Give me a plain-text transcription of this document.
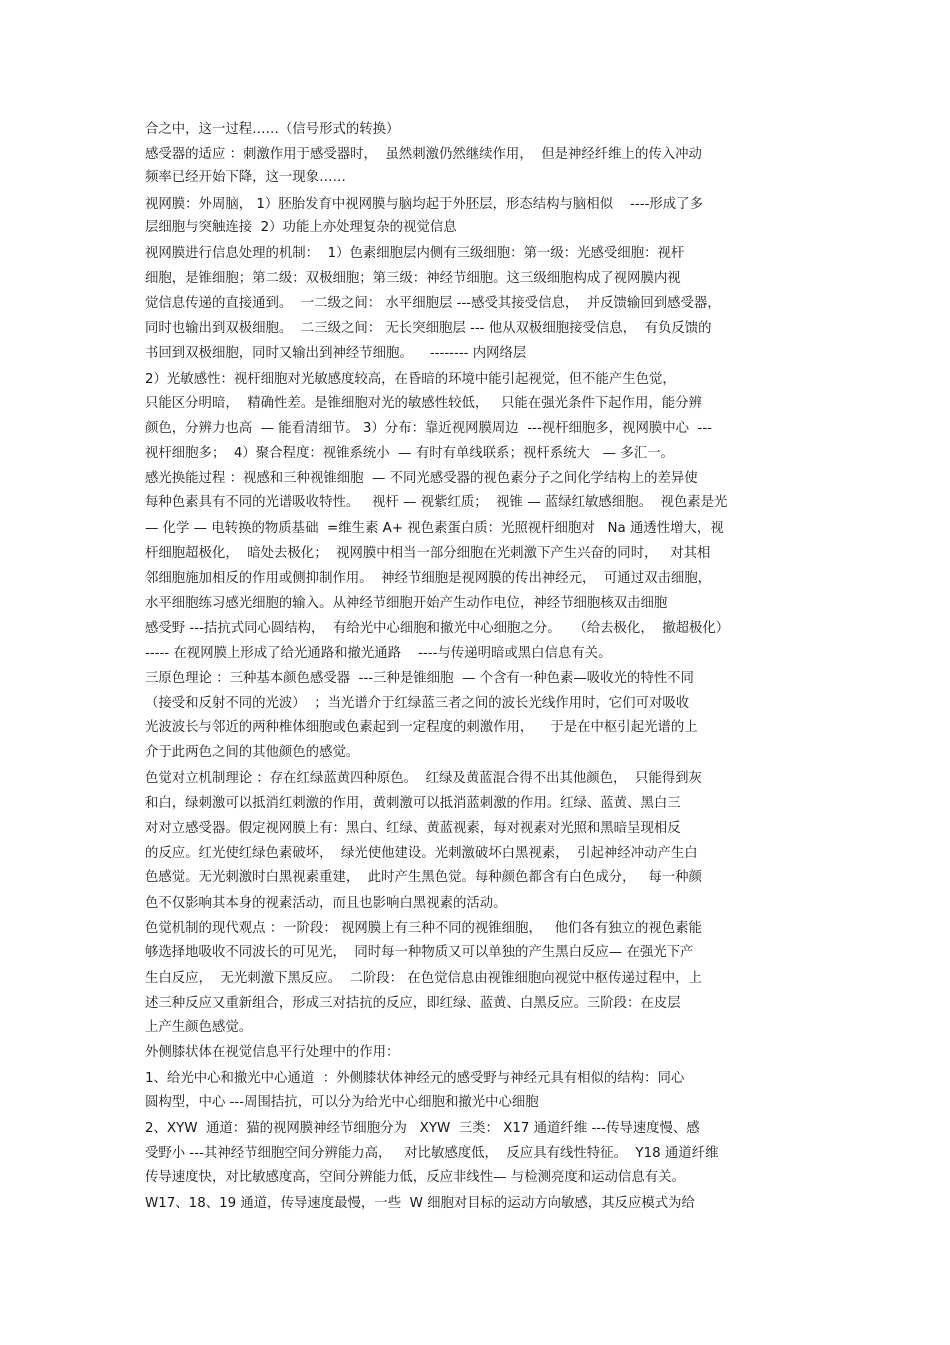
合之中，这一过程……（信号形式的转换）
感受器的适应 ：刺激作用于感受器时，  虽然刺激仍然继续作用，  但是神经纤维上的传入冲动
频率已经开始下降，这一现象……
视网膜：外周脑， 1）胚胎发育中视网膜与脑均起于外胚层，形态结构与脑相似    ----形成了多
层细胞与突触连接  2）功能上亦处理复杂的视觉信息
视网膜进行信息处理的机制：  1）色素细胞层内侧有三级细胞：第一级：光感受细胞：视杆
细胞，是锥细胞；第二级：双极细胞；第三级：神经节细胞。这三级细胞构成了视网膜内视
觉信息传递的直接通到。  一二级之间： 水平细胞层 ---感受其接受信息，  并反馈输回到感受器，
同时也输出到双极细胞。  二三级之间： 无长突细胞层 --- 他从双极细胞接受信息，  有负反馈的
书回到双极细胞，同时又输出到神经节细胞。    -------- 内网络层
2）光敏感性：视杆细胞对光敏感度较高，在昏暗的环境中能引起视觉，但不能产生色觉，
只能区分明暗，  精确性差。是锥细胞对光的敏感性较低，   只能在强光条件下起作用，能分辨
颜色，分辨力也高  — 能看清细节。 3）分布：靠近视网膜周边  ---视杆细胞多，视网膜中心  ---
视杆细胞多；  4）聚合程度：视锥系统小  — 有时有单线联系；视杆系统大   — 多汇一。
感光换能过程 ：视感和三种视锥细胞  — 不同光感受器的视色素分子之间化学结构上的差异使
每种色素具有不同的光谱吸收特性。   视杆 — 视紫红质；  视锥 — 蓝绿红敏感细胞。  视色素是光
— 化学 — 电转换的物质基础  =维生素 A+ 视色素蛋白质：光照视杆细胞对   Na 通透性增大，视
杆细胞超极化，  暗处去极化；  视网膜中相当一部分细胞在光刺激下产生兴奋的同时，   对其相
邻细胞施加相反的作用或侧抑制作用。  神经节细胞是视网膜的传出神经元，  可通过双击细胞，
水平细胞练习感光细胞的输入。从神经节细胞开始产生动作电位，神经节细胞核双击细胞
感受野 ---拮抗式同心圆结构，  有给光中心细胞和撤光中心细胞之分。   （给去极化，  撤超极化）
----- 在视网膜上形成了给光通路和撤光通路    ----与传递明暗或黑白信息有关。
三原色理论 ：三种基本颜色感受器  ---三种是锥细胞  — 个含有一种色素—吸收光的特性不同
（接受和反射不同的光波）  ；当光谱介于红绿蓝三者之间的波长光线作用时，它们可对吸收
光波波长与邻近的两种椎体细胞或色素起到一定程度的刺激作用，    于是在中枢引起光谱的上
介于此两色之间的其他颜色的感觉。
色觉对立机制理论 ：存在红绿蓝黄四种原色。  红绿及黄蓝混合得不出其他颜色，  只能得到灰
和白，绿刺激可以抵消红刺激的作用，黄刺激可以抵消蓝刺激的作用。红绿、蓝黄、黑白三
对对立感受器。假定视网膜上有：黑白、红绿、黄蓝视素，每对视素对光照和黑暗呈现相反
的反应。红光使红绿色素破坏，  绿光使他建设。光刺激破坏白黑视素，  引起神经冲动产生白
色感觉。无光刺激时白黑视素重建，  此时产生黑色觉。每种颜色都含有白色成分，   每一种颜
色不仅影响其本身的视素活动，而且也影响白黑视素的活动。
色觉机制的现代观点 ：一阶段： 视网膜上有三种不同的视锥细胞，   他们各有独立的视色素能
够选择地吸收不同波长的可见光，  同时每一种物质又可以单独的产生黑白反应— 在强光下产
生白反应，  无光刺激下黑反应。  二阶段： 在色觉信息由视锥细胞向视觉中枢传递过程中，上
述三种反应又重新组合，形成三对拮抗的反应，即红绿、蓝黄、白黑反应。三阶段：在皮层
上产生颜色感觉。
外侧膝状体在视觉信息平行处理中的作用：
1、给光中心和撤光中心通道  ：外侧膝状体神经元的感受野与神经元具有相似的结构：同心
圆构型，中心 ---周围拮抗，可以分为给光中心细胞和撤光中心细胞
2、XYW  通道：猫的视网膜神经节细胞分为   XYW  三类： X17 通道纤维 ---传导速度慢、感
受野小 ---其神经节细胞空间分辨能力高，   对比敏感度低，  反应具有线性特征。  Y18 通道纤维
传导速度快，对比敏感度高，空间分辨能力低，反应非线性— 与检测亮度和运动信息有关。
W17、18、19 通道，传导速度最慢，一些  W 细胞对目标的运动方向敏感，其反应模式为给
